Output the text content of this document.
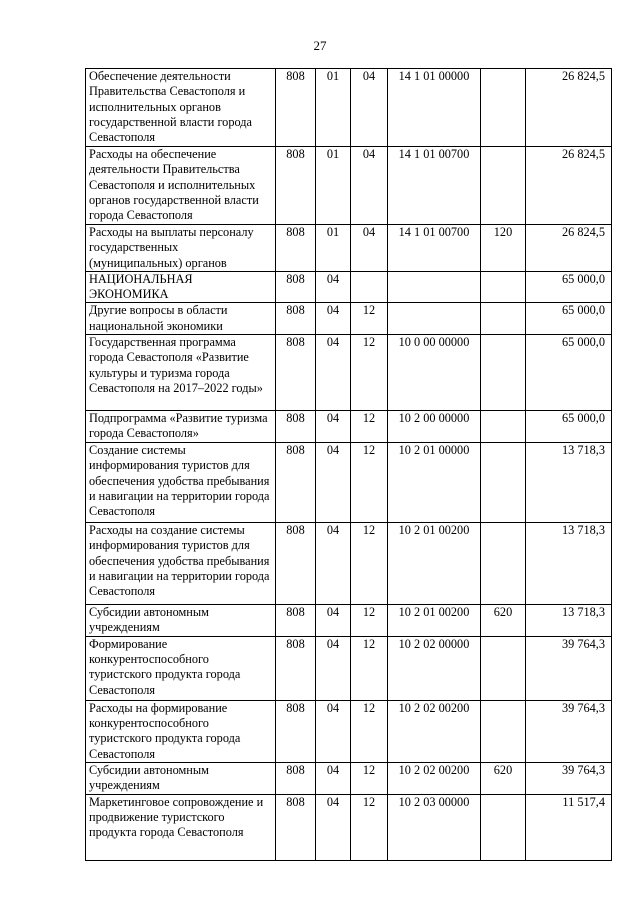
27
Обеспечение деятельности Правительства Севастополя и исполнительных органов государственной власти города Севастополя	808	01	04	14 1 01 00000		26 824,5
Расходы на обеспечение деятельности Правительства Севастополя и исполнительных органов государственной власти города Севастополя	808	01	04	14 1 01 00700		26 824,5
Расходы на выплаты персоналу государственных (муниципальных) органов	808	01	04	14 1 01 00700	120	26 824,5
НАЦИОНАЛЬНАЯ ЭКОНОМИКА	808	04				65 000,0
Другие вопросы в области национальной экономики	808	04	12			65 000,0
Государственная программа города Севастополя «Развитие культуры и туризма города Севастополя на 2017–2022 годы»	808	04	12	10 0 00 00000		65 000,0
Подпрограмма «Развитие туризма города Севастополя»	808	04	12	10 2 00 00000		65 000,0
Создание системы информирования туристов для обеспечения удобства пребывания и навигации на территории города Севастополя	808	04	12	10 2 01 00000		13 718,3
Расходы на создание системы информирования туристов для обеспечения удобства пребывания и навигации на территории города Севастополя	808	04	12	10 2 01 00200		13 718,3
Субсидии автономным учреждениям	808	04	12	10 2 01 00200	620	13 718,3
Формирование конкурентоспособного туристского продукта города Севастополя	808	04	12	10 2 02 00000		39 764,3
Расходы на формирование конкурентоспособного туристского продукта города Севастополя	808	04	12	10 2 02 00200		39 764,3
Субсидии автономным учреждениям	808	04	12	10 2 02 00200	620	39 764,3
Маркетинговое сопровождение и продвижение туристского продукта города Севастополя	808	04	12	10 2 03 00000		11 517,4
